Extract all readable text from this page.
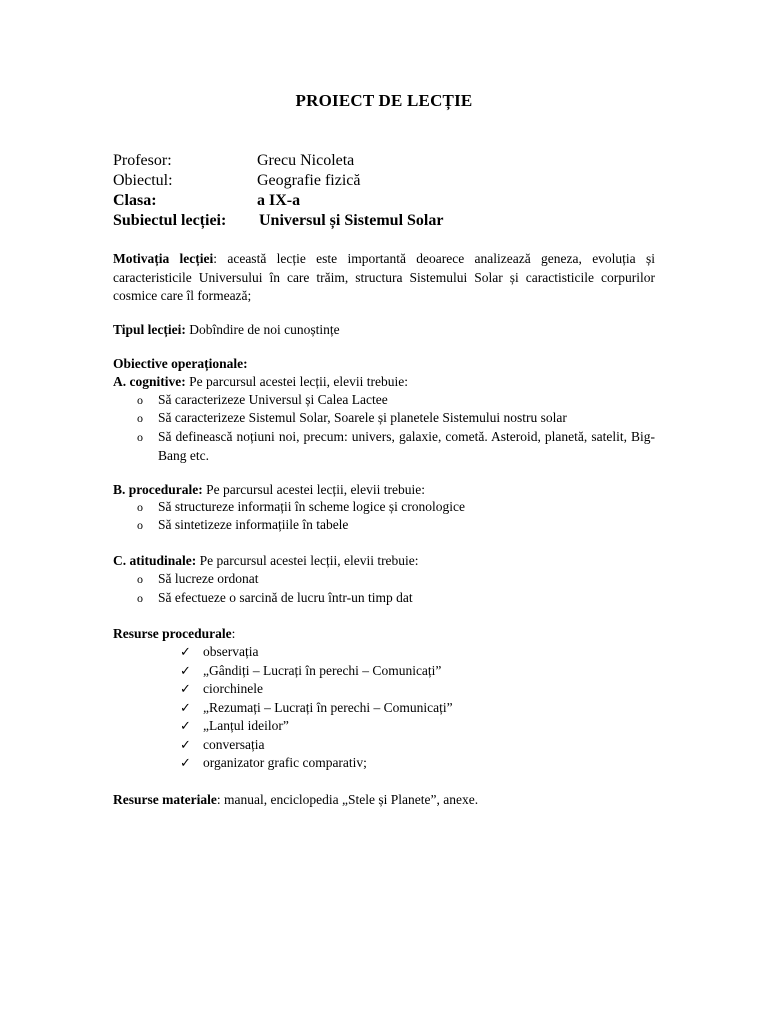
PROIECT DE LECȚIE
Profesor:	Grecu Nicoleta
Obiectul:	Geografie fizică
Clasa:	a IX-a
Subiectul lecției: Universul și Sistemul Solar
Motivația lecției: această lecție este importantă deoarece analizează geneza, evoluția și caracteristicile Universului în care trăim, structura Sistemului Solar și caractisticile corpurilor cosmice care îl formează;
Tipul lecției: Dobîndire de noi cunoștințe
Obiective operaționale:
A. cognitive: Pe parcursul acestei lecții, elevii trebuie:
o Să caracterizeze Universul și Calea Lactee
o Să caracterizeze Sistemul Solar, Soarele și planetele Sistemului nostru solar
o Să definească noțiuni noi, precum: univers, galaxie, cometă. Asteroid, planetă, satelit, Big-Bang etc.
B. procedurale: Pe parcursul acestei lecții, elevii trebuie:
o Să structureze informații în scheme logice și cronologice
o Să sintetizeze informațiile în tabele
C. atitudinale: Pe parcursul acestei lecții, elevii trebuie:
o Să lucreze ordonat
o Să efectueze o sarcină de lucru într-un timp dat
Resurse procedurale:
✓ observația
✓ „Gândiți – Lucrați în perechi – Comunicați”
✓ ciorchinele
✓ „Rezumați – Lucrați în perechi – Comunicați”
✓ „Lanțul ideilor”
✓ conversația
✓ organizator grafic comparativ;
Resurse materiale: manual, enciclopedia „Stele și Planete”, anexe.
